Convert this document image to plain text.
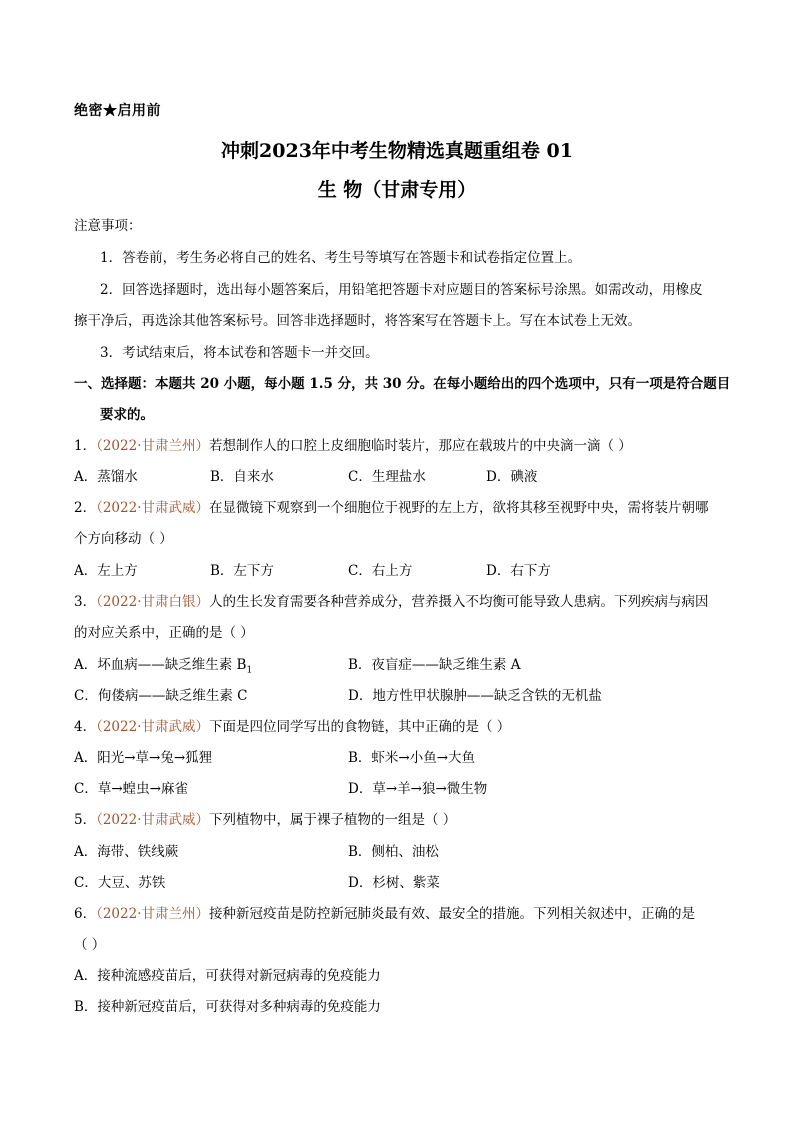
绝密★启用前
冲刺2023年中考生物精选真题重组卷 01
生 物（甘肃专用）
注意事项：
1．答卷前，考生务必将自己的姓名、考生号等填写在答题卡和试卷指定位置上。
2．回答选择题时，选出每小题答案后，用铅笔把答题卡对应题目的答案标号涂黑。如需改动，用橡皮
擦干净后，再选涂其他答案标号。回答非选择题时，将答案写在答题卡上。写在本试卷上无效。
3．考试结束后，将本试卷和答题卡一并交回。
一、选择题：本题共 20 小题，每小题 1.5 分，共 30 分。在每小题给出的四个选项中，只有一项是符合题目
要求的。
1．（2022·甘肃兰州）若想制作人的口腔上皮细胞临时装片，那应在载玻片的中央滴一滴（ ）
A．蒸馏水	B．自来水	C．生理盐水	D．碘液
2．（2022·甘肃武威）在显微镜下观察到一个细胞位于视野的左上方，欲将其移至视野中央，需将装片朝哪
个方向移动（ ）
A．左上方	B．左下方	C．右上方	D．右下方
3．（2022·甘肃白银）人的生长发育需要各种营养成分，营养摄入不均衡可能导致人患病。下列疾病与病因
的对应关系中，正确的是（ ）
A．坏血病——缺乏维生素 $B_1$	B．夜盲症——缺乏维生素 A
C．佝偻病——缺乏维生素 C	D．地方性甲状腺肿——缺乏含铁的无机盐
4．（2022·甘肃武威）下面是四位同学写出的食物链，其中正确的是（ ）
A．阳光→草→兔→狐狸	B．虾米→小鱼→大鱼
C．草→蝗虫→麻雀	D．草→羊→狼→微生物
5．（2022·甘肃武威）下列植物中，属于裸子植物的一组是（ ）
A．海带、铁线蕨	B．侧柏、油松
C．大豆、苏铁	D．杉树、紫菜
6．（2022·甘肃兰州）接种新冠疫苗是防控新冠肺炎最有效、最安全的措施。下列相关叙述中，正确的是
（ ）
A．接种流感疫苗后，可获得对新冠病毒的免疫能力
B．接种新冠疫苗后，可获得对多种病毒的免疫能力
